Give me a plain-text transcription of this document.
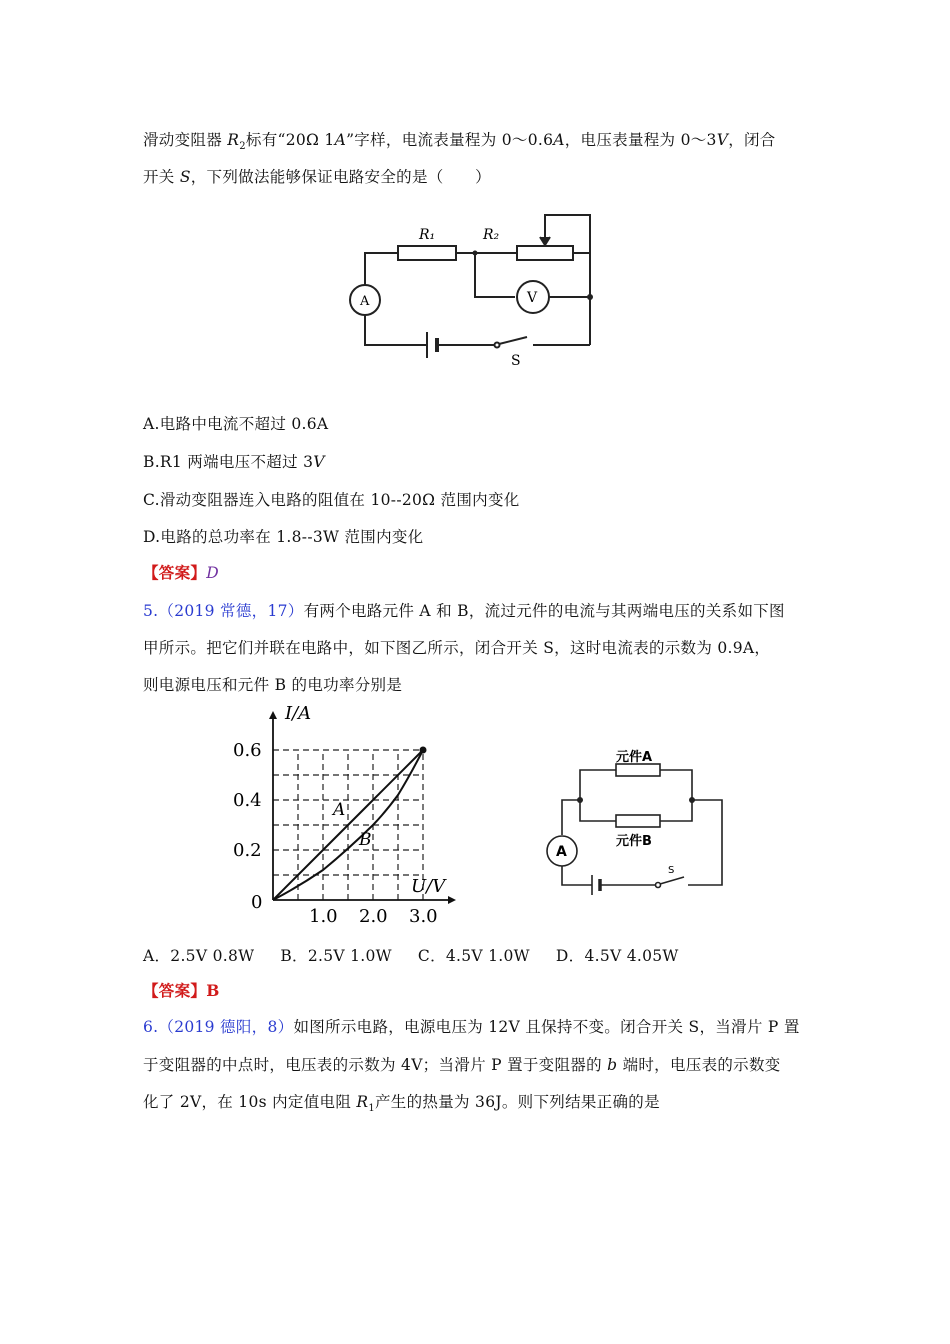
滑动变阻器 $R_2$标有“20Ω 1A”字样，电流表量程为 0～0.6A，电压表量程为 0～3V，闭合
开关 S，下列做法能够保证电路安全的是（　　）
R₁	R₂
V
A
S
A.电路中电流不超过 0.6A
B.R1 两端电压不超过 3V
C.滑动变阻器连入电路的阻值在 10--20Ω 范围内变化
D.电路的总功率在 1.8--3W 范围内变化
【答案】D
5.（2019 常德，17）有两个电路元件 A 和 B，流过元件的电流与其两端电压的关系如下图
甲所示。把它们并联在电路中，如下图乙所示，闭合开关 S，这时电流表的示数为 0.9A，
则电源电压和元件 B 的电功率分别是
1.0 2.0 3.0
0.2
0.4
0.6
0
I/A
U/V
A
B
元件A
元件B
A
S
A．2.5V 0.8W B．2.5V 1.0W C．4.5V 1.0W D．4.5V 4.05W
【答案】B
6.（2019 德阳，8）如图所示电路，电源电压为 12V 且保持不变。闭合开关 S，当滑片 P 置
于变阻器的中点时，电压表的示数为 4V；当滑片 P 置于变阻器的 b 端时，电压表的示数变
化了 2V，在 10s 内定值电阻 $R_1$产生的热量为 36J。则下列结果正确的是
